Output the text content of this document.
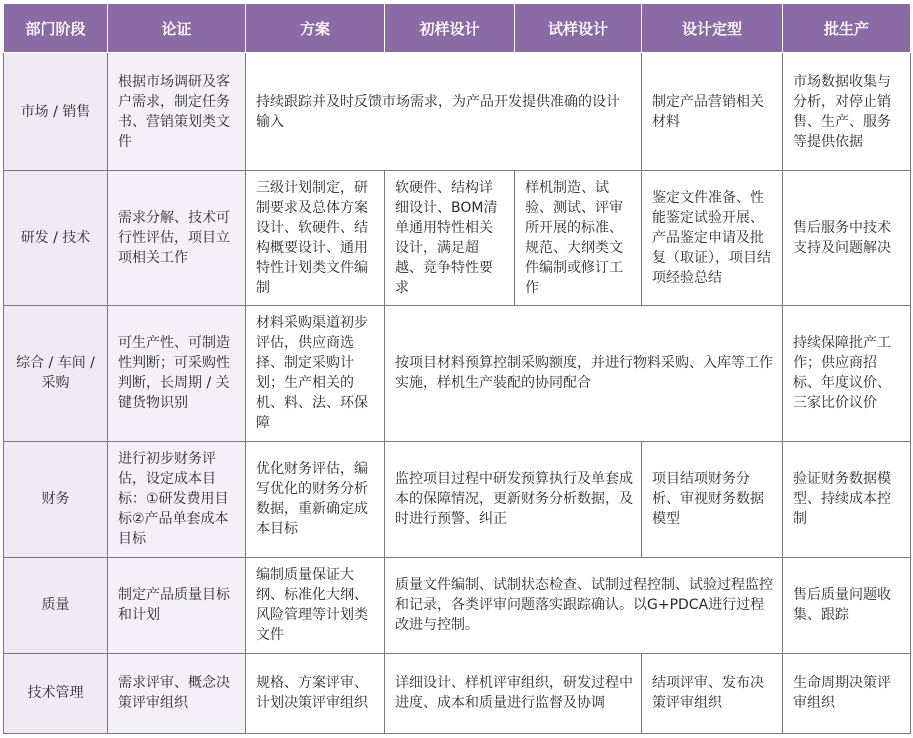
部门阶段	论证	方案	初样设计	试样设计	设计定型	批生产
市场 / 销售	根据市场调研及客户需求，制定任务书、营销策划类文件	持续跟踪并及时反馈市场需求，为产品开发提供准确的设计输入			制定产品营销相关材料	市场数据收集与分析，对停止销售、生产、服务等提供依据
研发 / 技术	需求分解、技术可行性评估，项目立项相关工作	三级计划制定，研制要求及总体方案设计、软硬件、结构概要设计、通用特性计划类文件编制	软硬件、结构详细设计、BOM清单通用特性相关设计，满足超越、竞争特性要求	样机制造、试验、测试、评审所开展的标准、规范、大纲类文件编制或修订工作	鉴定文件准备、性能鉴定试验开展、产品鉴定申请及批复（取证），项目结项经验总结	售后服务中技术支持及问题解决
综合 / 车间 / 采购	可生产性、可制造性判断；可采购性判断，长周期 / 关键货物识别	材料采购渠道初步评估，供应商选择、制定采购计划；生产相关的机、料、法、环保障	按项目材料预算控制采购额度，并进行物料采购、入库等工作实施，样机生产装配的协同配合			持续保障批产工作；供应商招标、年度议价、三家比价议价
财务	进行初步财务评估，设定成本目标：①研发费用目标②产品单套成本目标	优化财务评估，编写优化的财务分析数据，重新确定成本目标	监控项目过程中研发预算执行及单套成本的保障情况，更新财务分析数据，及时进行预警、纠正		项目结项财务分析、审视财务数据模型	验证财务数据模型、持续成本控制
质量	制定产品质量目标和计划	编制质量保证大纲、标准化大纲、风险管理等计划类文件	质量文件编制、试制状态检查、试制过程控制、试验过程监控和记录，各类评审问题落实跟踪确认。以G+PDCA进行过程改进与控制。			售后质量问题收集、跟踪
技术管理	需求评审、概念决策评审组织	规格、方案评审、计划决策评审组织	详细设计、样机评审组织，研发过程中进度、成本和质量进行监督及协调		结项评审、发布决策评审组织	生命周期决策评审组织
